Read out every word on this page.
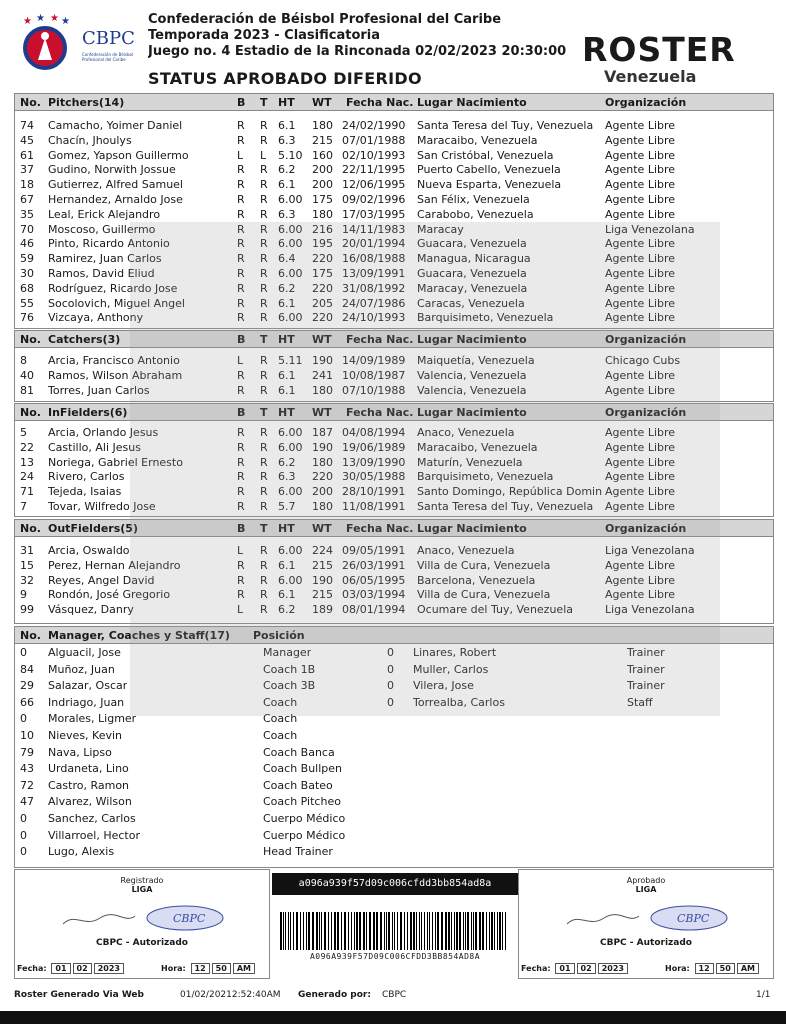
★ ★ ★ ★
CBPC
Confederación de Béisbol Profesional del Caribe
Confederación de Béisbol Profesional del Caribe
Temporada 2023 - Clasificatoria
Juego no. 4 Estadio de la Rinconada 02/02/2023 20:30:00 ROSTER
Venezuela
STATUS APROBADO DIFERIDO
No. Pitchers(14)	B T HT WT Fecha Nac. Lugar Nacimiento	Organización
74 Camacho, Yoimer Daniel	R R 6.1 180 24/02/1990 Santa Teresa del Tuy, Venezuela	Agente Libre
45 Chacín, Jhoulys	R R 6.3 215 07/01/1988 Maracaibo, Venezuela	Agente Libre
61 Gomez, Yapson Guillermo	L L 5.10 160 02/10/1993 San Cristóbal, Venezuela	Agente Libre
37 Gudino, Norwith Jossue	R R 6.2 200 22/11/1995 Puerto Cabello, Venezuela	Agente Libre
18 Gutierrez, Alfred Samuel	R R 6.1 200 12/06/1995 Nueva Esparta, Venezuela	Agente Libre
67 Hernandez, Arnaldo Jose	R R 6.00 175 09/02/1996 San Félix, Venezuela	Agente Libre
35 Leal, Erick Alejandro	R R 6.3 180 17/03/1995 Carabobo, Venezuela	Agente Libre
70 Moscoso, Guillermo	R R 6.00 216 14/11/1983 Maracay	Liga Venezolana
46 Pinto, Ricardo Antonio	R R 6.00 195 20/01/1994 Guacara, Venezuela	Agente Libre
59 Ramirez, Juan Carlos	R R 6.4 220 16/08/1988 Managua, Nicaragua	Agente Libre
30 Ramos, David Eliud	R R 6.00 175 13/09/1991 Guacara, Venezuela	Agente Libre
68 Rodríguez, Ricardo Jose	R R 6.2 220 31/08/1992 Maracay, Venezuela	Agente Libre
55 Socolovich, Miguel Angel	R R 6.1 205 24/07/1986 Caracas, Venezuela	Agente Libre
76 Vizcaya, Anthony	R R 6.00 220 24/10/1993 Barquisimeto, Venezuela	Agente Libre
No. Catchers(3)	B T HT WT Fecha Nac. Lugar Nacimiento	Organización
8 Arcia, Francisco Antonio	L R 5.11 190 14/09/1989 Maiquetía, Venezuela	Chicago Cubs
40 Ramos, Wilson Abraham	R R 6.1 241 10/08/1987 Valencia, Venezuela	Agente Libre
81 Torres, Juan Carlos	R R 6.1 180 07/10/1988 Valencia, Venezuela	Agente Libre
No. InFielders(6)	B T HT WT Fecha Nac. Lugar Nacimiento	Organización
5 Arcia, Orlando Jesus	R R 6.00 187 04/08/1994 Anaco, Venezuela	Agente Libre
22 Castillo, Ali Jesus	R R 6.00 190 19/06/1989 Maracaibo, Venezuela	Agente Libre
13 Noriega, Gabriel Ernesto	R R 6.2 180 13/09/1990 Maturín, Venezuela	Agente Libre
24 Rivero, Carlos	R R 6.3 220 30/05/1988 Barquisimeto, Venezuela	Agente Libre
71 Tejeda, Isaias	R R 6.00 200 28/10/1991 Santo Domingo, República Domin Agente Libre
7 Tovar, Wilfredo Jose	R R 5.7 180 11/08/1991 Santa Teresa del Tuy, Venezuela	Agente Libre
No. OutFielders(5)	B T HT WT Fecha Nac. Lugar Nacimiento	Organización
31 Arcia, Oswaldo	L R 6.00 224 09/05/1991 Anaco, Venezuela	Liga Venezolana
15 Perez, Hernan Alejandro	R R 6.1 215 26/03/1991 Villa de Cura, Venezuela	Agente Libre
32 Reyes, Angel David	R R 6.00 190 06/05/1995 Barcelona, Venezuela	Agente Libre
9 Rondón, José Gregorio	R R 6.1 215 03/03/1994 Villa de Cura, Venezuela	Agente Libre
99 Vásquez, Danry	L R 6.2 189 08/01/1994 Ocumare del Tuy, Venezuela	Liga Venezolana
No. Manager, Coaches y Staff(17) Posición
0 Alguacil, Jose	Manager	0 Linares, Robert	Trainer
84 Muñoz, Juan	Coach 1B	0 Muller, Carlos	Trainer
29 Salazar, Oscar	Coach 3B	0 Vilera, Jose	Trainer
66 Indriago, Juan	Coach	0 Torrealba, Carlos	Staff
0 Morales, Ligmer	Coach
10 Nieves, Kevin	Coach
79 Nava, Lipso	Coach Banca
43 Urdaneta, Lino	Coach Bullpen
72 Castro, Ramon	Coach Bateo
47 Alvarez, Wilson	Coach Pitcheo
0 Sanchez, Carlos	Cuerpo Médico
0 Villarroel, Hector	Cuerpo Médico
0 Lugo, Alexis	Head Trainer
Registrado
LIGA
CBPC
CBPC - Autorizado
Fecha: 01 02 2023	Hora: 12 50 AM
a096a939f57d09c006cfdd3bb854ad8a
A096A939F57D09C006CFDD3BB854AD8A
Aprobado
LIGA
CBPC
CBPC - Autorizado
Fecha: 01 02 2023	Hora: 12 50 AM
Roster Generado Via Web	01/02/20212:52:40AM Generado por: CBPC	1/1
